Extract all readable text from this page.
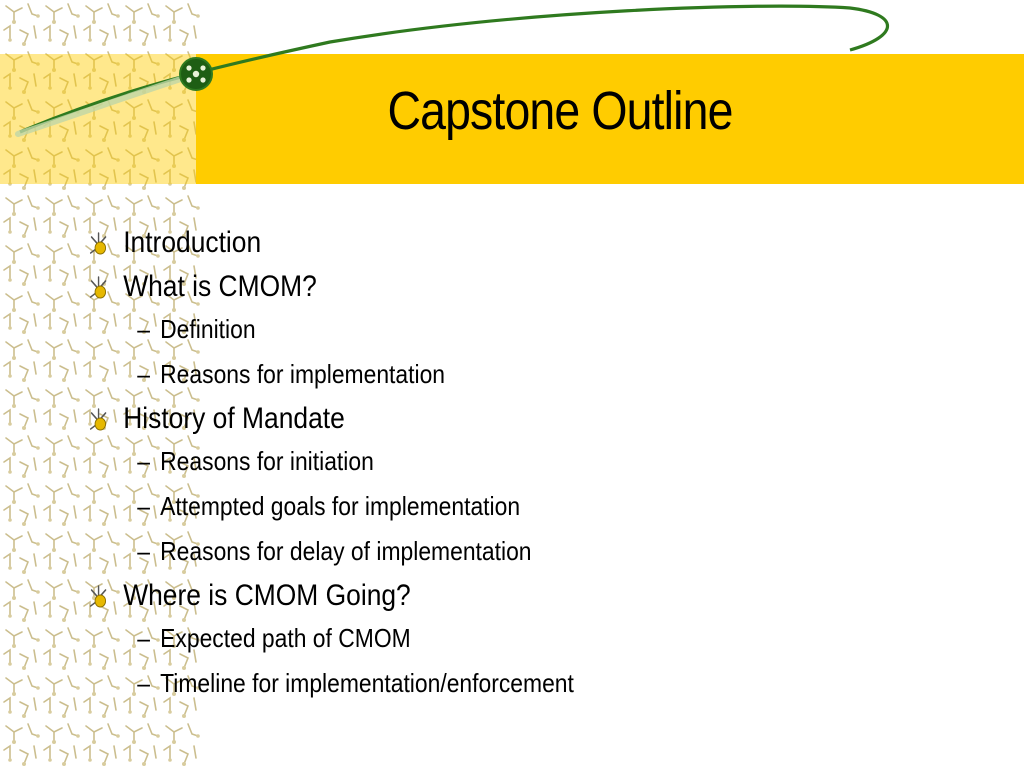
Capstone Outline
Introduction
What is CMOM?
– Definition
– Reasons for implementation
History of Mandate
– Reasons for initiation
– Attempted goals for implementation
– Reasons for delay of implementation
Where is CMOM Going?
– Expected path of CMOM
– Timeline for implementation/enforcement
